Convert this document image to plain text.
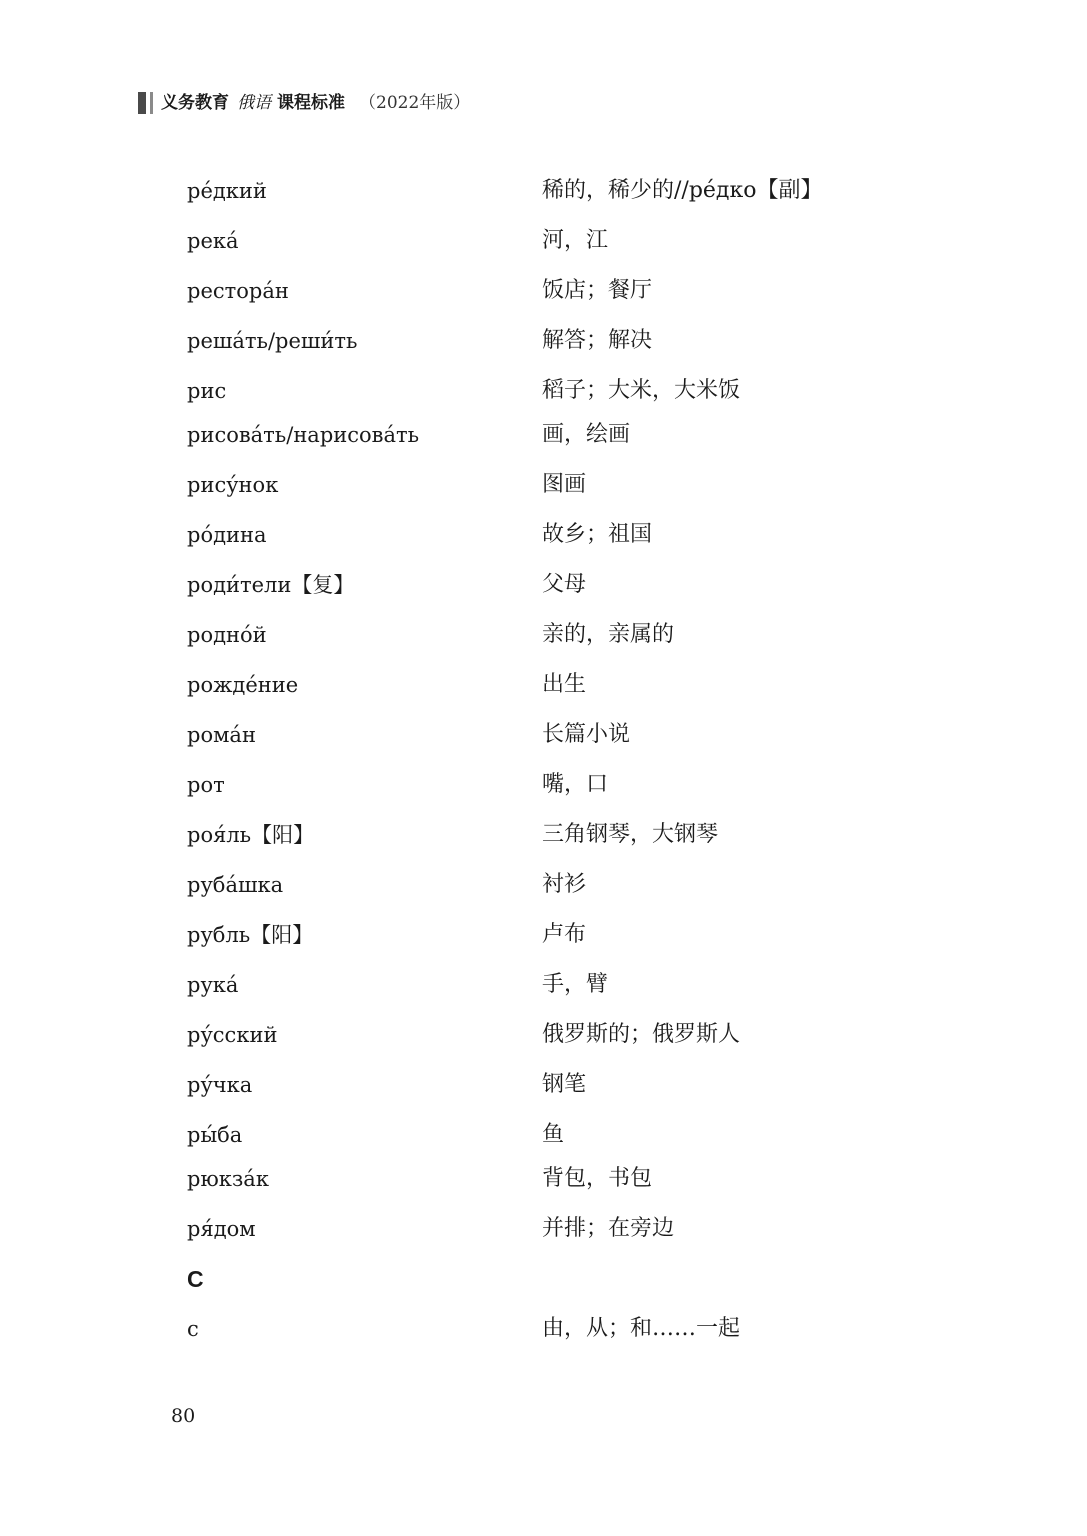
义务教育 俄语 课程标准 （2022年版）
ре́дкий	稀的，稀少的//ре́дко【副】
река́	河，江
рестора́н	饭店；餐厅
реша́ть/реши́ть	解答；解决
рис	稻子；大米，大米饭
рисова́ть/нарисова́ть	画，绘画
рису́нок	图画
ро́дина	故乡；祖国
роди́тели【复】	父母
родно́й	亲的，亲属的
рожде́ние	出生
рома́н	长篇小说
рот	嘴，口
роя́ль【阳】	三角钢琴，大钢琴
руба́шка	衬衫
рубль【阳】	卢布
рука́	手，臂
ру́сский	俄罗斯的；俄罗斯人
ру́чка	钢笔
ры́ба	鱼
рюкза́к	背包，书包
ря́дом	并排；在旁边
С
с	由，从；和……一起
80
